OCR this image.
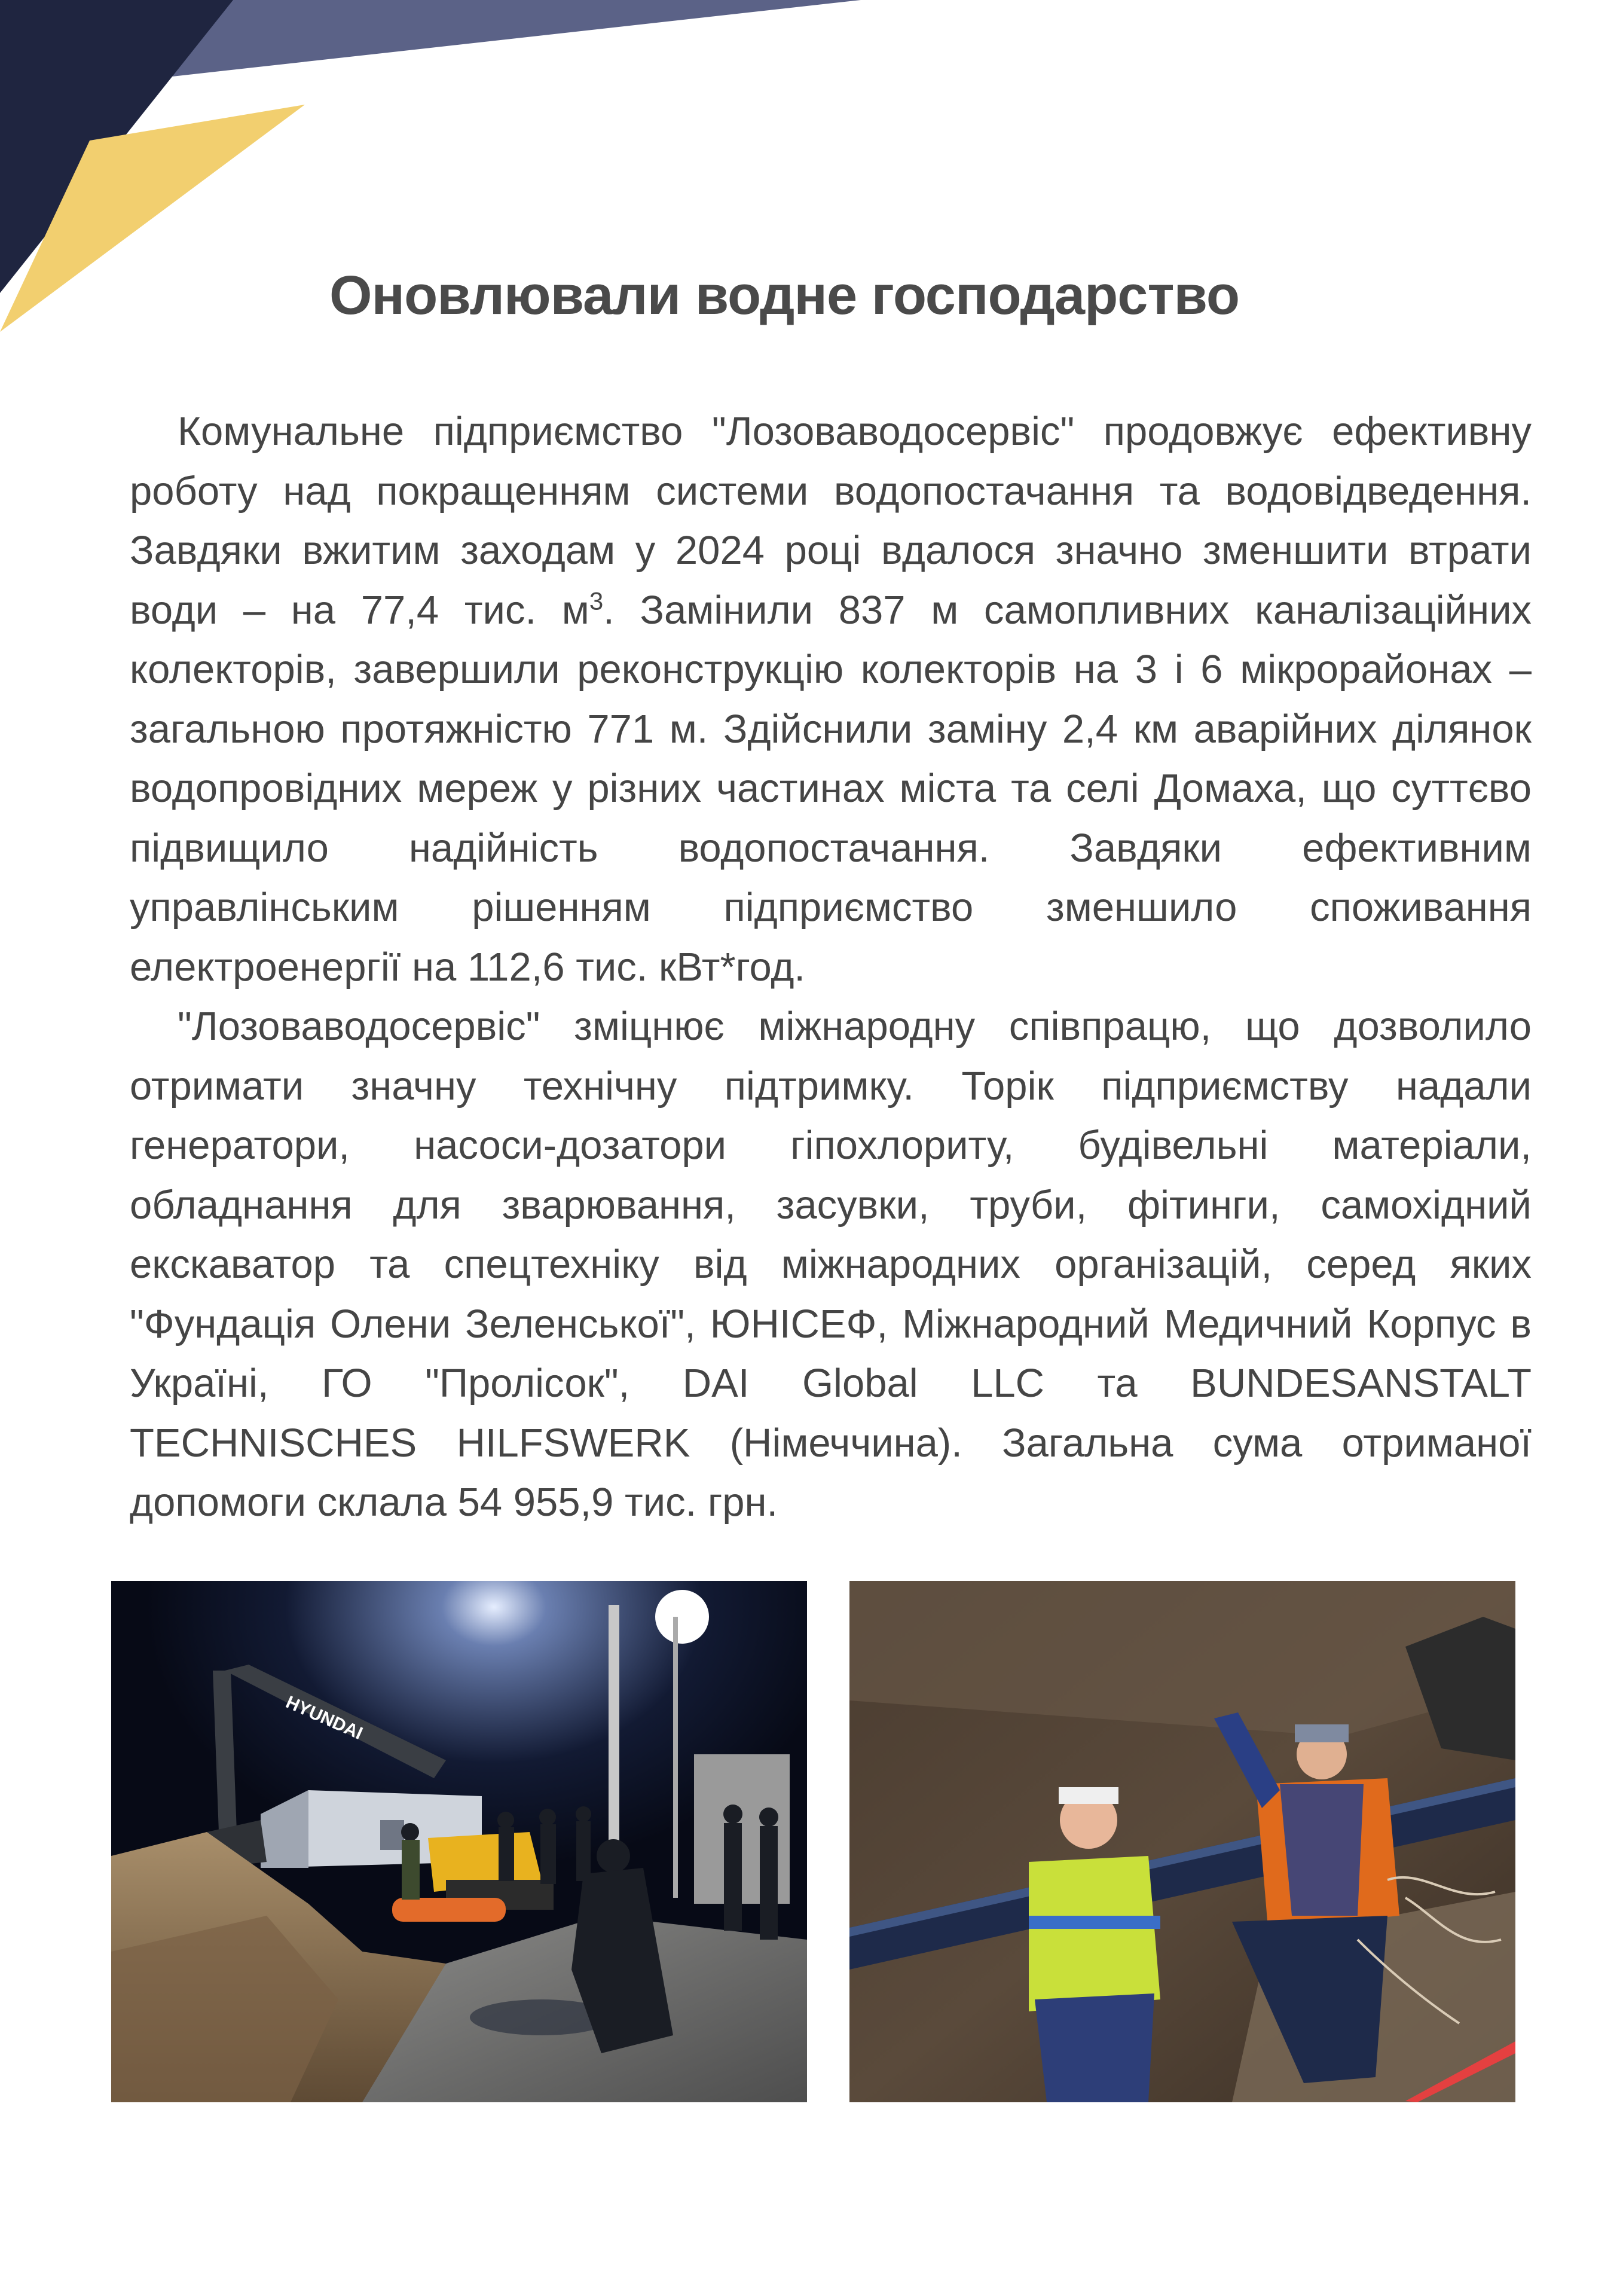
Оновлювали водне господарство

Комунальне підприємство "Лозоваводосервіс" продовжує ефективну роботу над покращенням системи водопостачання та водовідведення. Завдяки вжитим заходам у 2024 році вдалося значно зменшити втрати води – на 77,4 тис. $м^3$. Замінили 837 м самопливних каналізаційних колекторів, завершили реконструкцію колекторів на 3 і 6 мікрорайонах – загальною протяжністю 771 м. Здійснили заміну 2,4 км аварійних ділянок водопровідних мереж у різних частинах міста та селі Домаха, що суттєво підвищило надійність водопостачання. Завдяки ефективним управлінським рішенням підприємство зменшило споживання електроенергії на 112,6 тис. кВт*год.

"Лозоваводосервіс" зміцнює міжнародну співпрацю, що дозволило отримати значну технічну підтримку. Торік підприємству надали генератори, насоси-дозатори гіпохлориту, будівельні матеріали, обладнання для зварювання, засувки, труби, фітинги, самохідний екскаватор та спецтехніку від міжнародних організацій, серед яких "Фундація Олени Зеленської", ЮНІСЕФ, Міжнародний Медичний Корпус в Україні, ГО "Пролісок", DAI Global LLC та BUNDESANSTALT TECHNISCHES HILFSWERK (Німеччина). Загальна сума отриманої допомоги склала 54 955,9 тис. грн.

HYUNDAI
